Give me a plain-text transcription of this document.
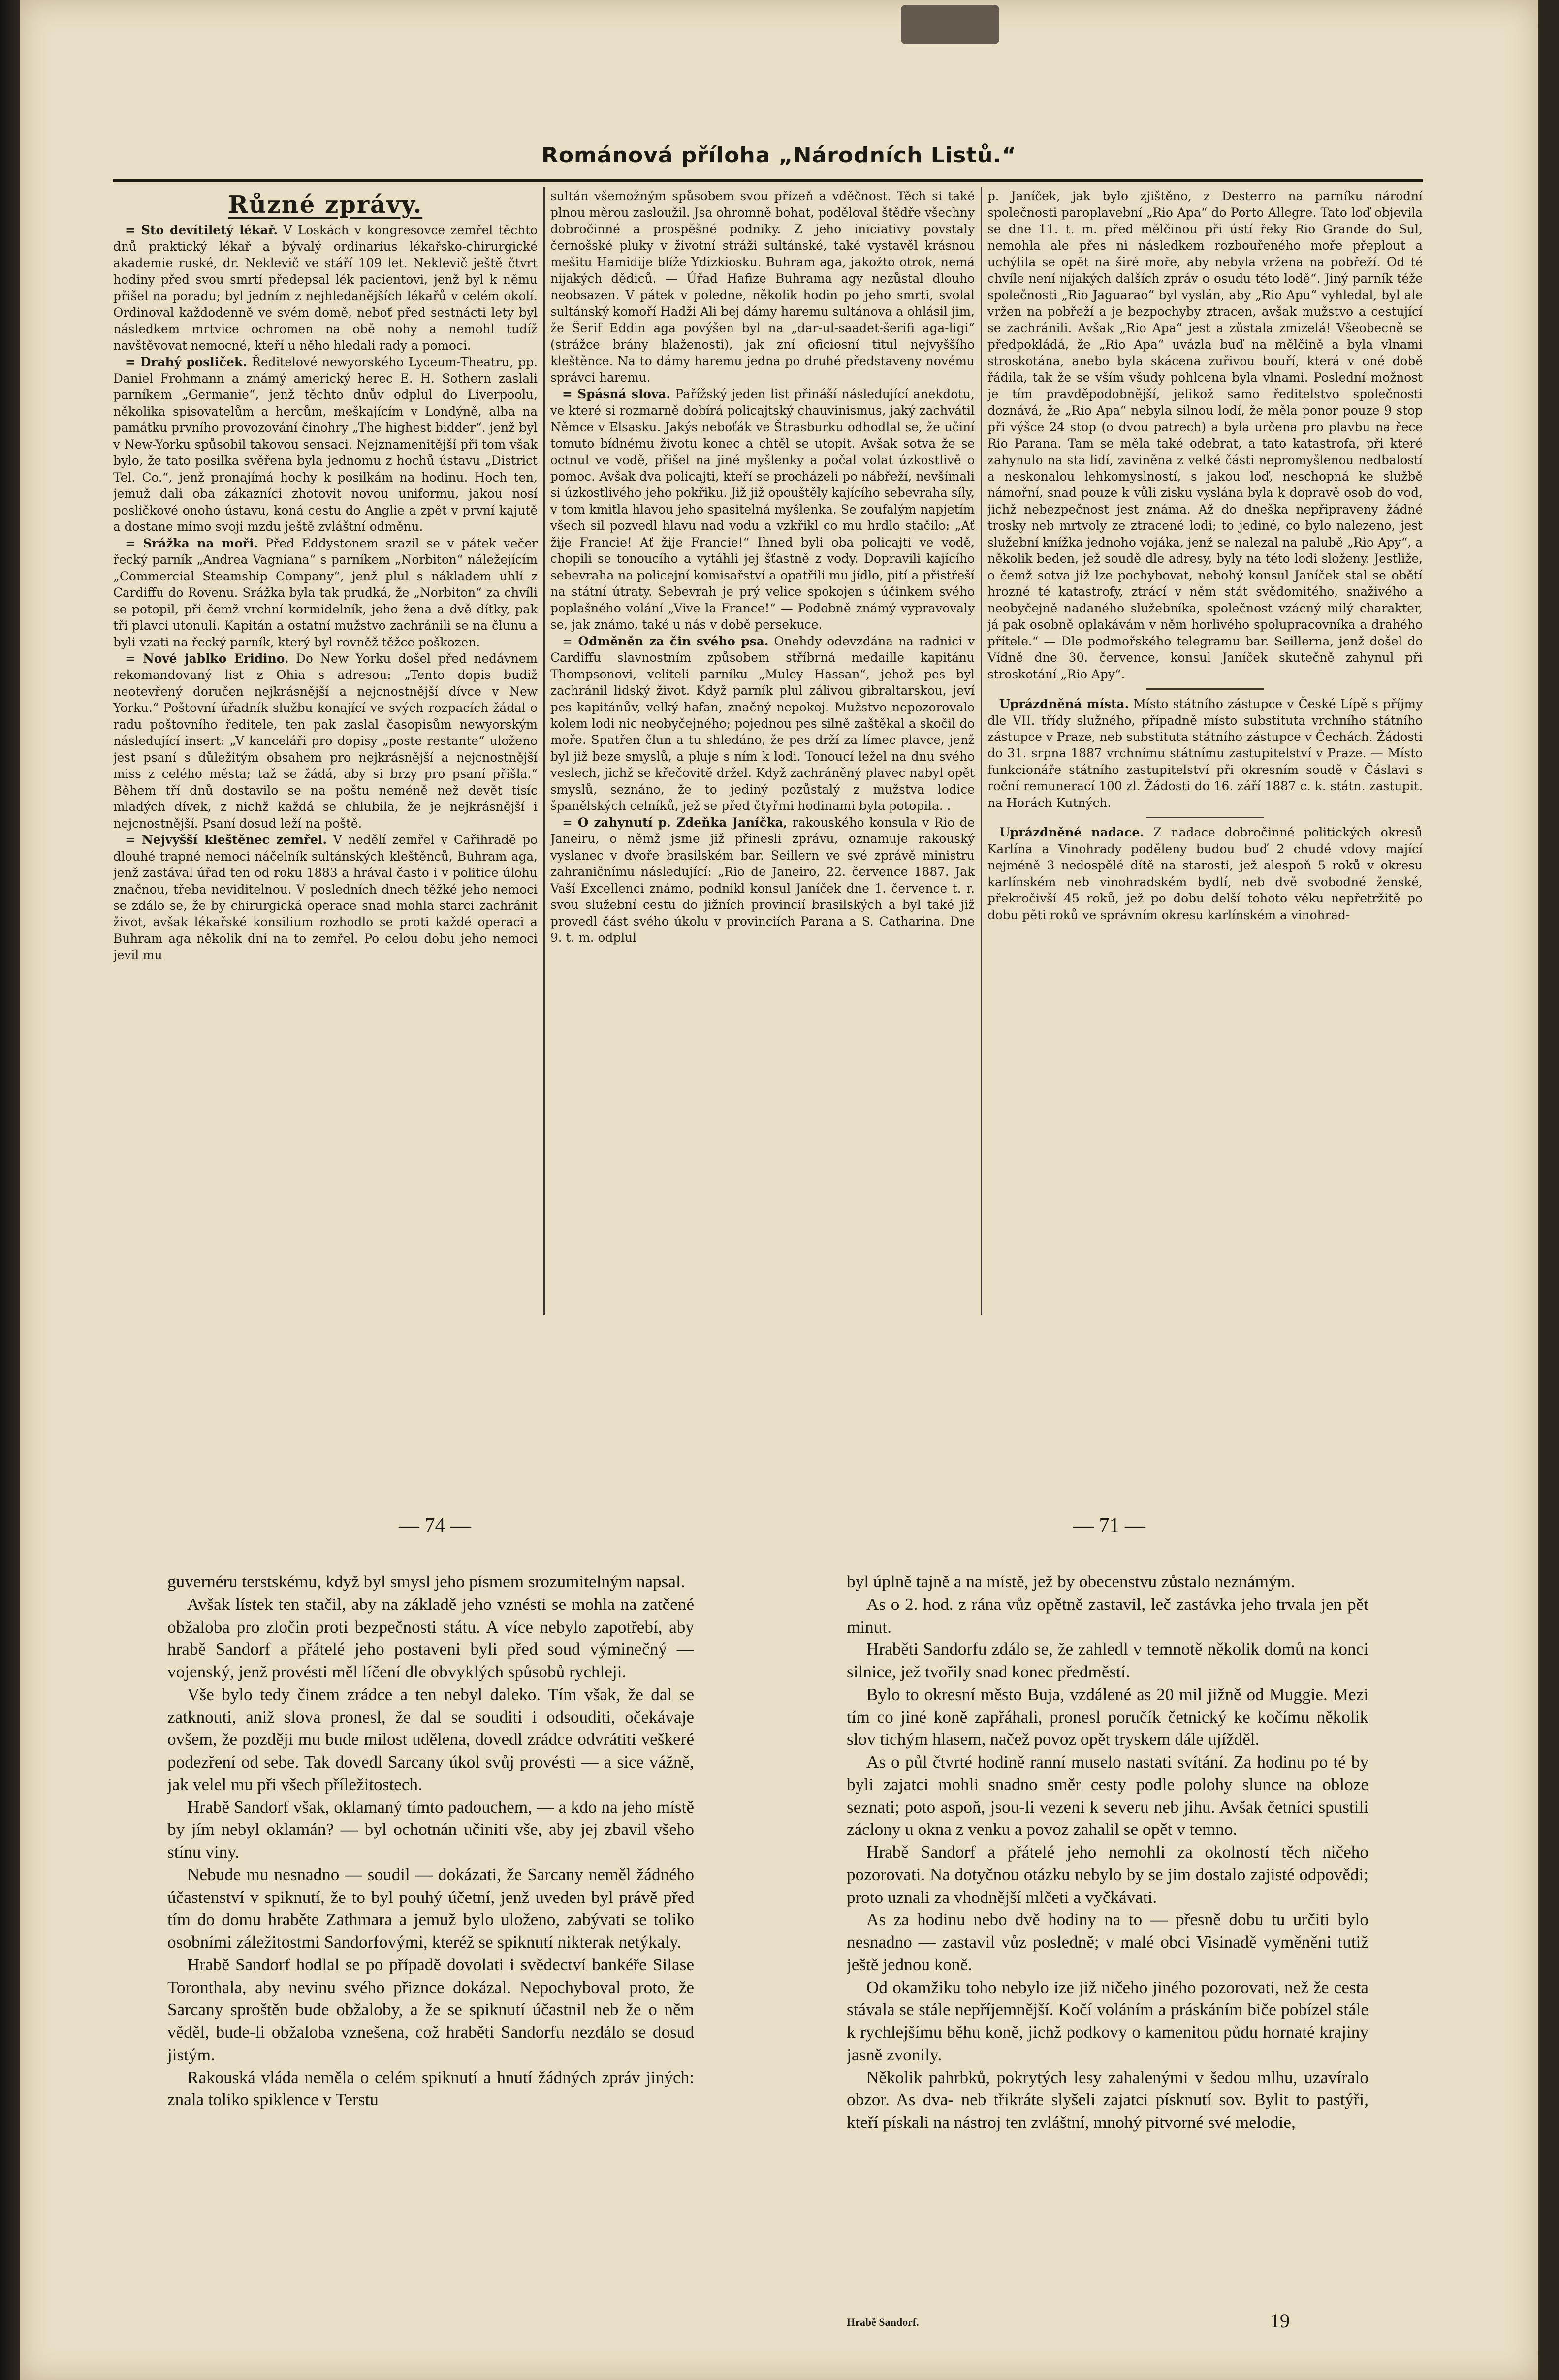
Románová příloha „Národních Listů.“
Různé zprávy.

= Sto devítiletý lékař. V Loskách v kongresovce zemřel těchto dnů praktický lékař a bývalý ordinarius lékařsko-chirurgické akademie ruské, dr. Neklevič ve stáří 109 let. Neklevič ještě čtvrt hodiny před svou smrtí předepsal lék pacientovi, jenž byl k němu přišel na poradu; byl jedním z nejhledanějších lékařů v celém okolí. Ordinoval každodenně ve svém domě, neboť před sestnácti lety byl následkem mrtvice ochromen na obě nohy a nemohl tudíž navštěvovat nemocné, kteří u něho hledali rady a pomoci.

= Drahý posliček. Ředitelové newyorského Lyceum-Theatru, pp. Daniel Frohmann a známý americký herec E. H. Sothern zaslali parníkem „Germanie“, jenž těchto dnův odplul do Liverpoolu, několika spisovatelům a hercům, meškajícím v Londýně, alba na památku prvního provozování činohry „The highest bidder“. jenž byl v New-Yorku spůsobil takovou sensaci. Nejznamenitější při tom však bylo, že tato posilka svěřena byla jednomu z hochů ústavu „District Tel. Co.“, jenž pronajímá hochy k posilkám na hodinu. Hoch ten, jemuž dali oba zákazníci zhotovit novou uniformu, jakou nosí posličkové onoho ústavu, koná cestu do Anglie a zpět v první kajutě a dostane mimo svoji mzdu ještě zvláštní odměnu.

= Srážka na moři. Před Eddystonem srazil se v pátek večer řecký parník „Andrea Vagniana“ s parníkem „Norbiton“ náležejícím „Commercial Steamship Company“, jenž plul s nákladem uhlí z Cardiffu do Rovenu. Srážka byla tak prudká, že „Norbiton“ za chvíli se potopil, při čemž vrchní kormidelník, jeho žena a dvě dítky, pak tři plavci utonuli. Kapitán a ostatní mužstvo zachránili se na člunu a byli vzati na řecký parník, který byl rovněž těžce poškozen.

= Nové jablko Eridino. Do New Yorku došel před nedávnem rekomandovaný list z Ohia s adresou: „Tento dopis budiž neotevřený doručen nejkrásnější a nejcnostnější dívce v New Yorku.“ Poštovní úřadník službu konající ve svých rozpacích žádal o radu poštovního ředitele, ten pak zaslal časopisům newyorským následující insert: „V kanceláři pro dopisy „poste restante“ uloženo jest psaní s důležitým obsahem pro nejkrásnější a nejcnostnější miss z celého města; taž se žádá, aby si brzy pro psaní přišla.“ Během tří dnů dostavilo se na poštu neméně než devět tisíc mladých dívek, z nichž každá se chlubila, že je nejkrásnější i nejcnostnější. Psaní dosud leží na poště.

= Nejvyšší kleštěnec zemřel. V nedělí zemřel v Cařihradě po dlouhé trapné nemoci náčelník sultánských kleštěnců, Buhram aga, jenž zastával úřad ten od roku 1883 a hrával často i v politice úlohu značnou, třeba neviditelnou. V posledních dnech těžké jeho nemoci se zdálo se, že by chirurgická operace snad mohla starci zachránit život, avšak lékařské konsilium rozhodlo se proti každé operaci a Buhram aga několik dní na to zemřel. Po celou dobu jeho nemoci jevil mu

sultán všemožným spůsobem svou přízeň a vděčnost. Těch si také plnou měrou zasloužil. Jsa ohromně bohat, poděloval štědře všechny dobročinné a prospěšné podniky. Z jeho iniciativy povstaly černošské pluky v životní stráži sultánské, také vystavěl krásnou mešitu Hamidije blíže Ydizkiosku. Buhram aga, jakožto otrok, nemá nijakých dědiců. — Úřad Hafize Buhrama agy nezůstal dlouho neobsazen. V pátek v poledne, několik hodin po jeho smrti, svolal sultánský komoří Hadži Ali bej dámy haremu sultánova a ohlásil jim, že Šerif Eddin aga povýšen byl na „dar-ul-saadet-šerifi aga-ligi“ (strážce brány blaženosti), jak zní oficiosní titul nejvyššího kleštěnce. Na to dámy haremu jedna po druhé představeny novému správci haremu.

= Spásná slova. Pařížský jeden list přináší následující anekdotu, ve které si rozmarně dobírá policajtský chauvinismus, jaký zachvátil Němce v Elsasku. Jakýs neboťák ve Štrasburku odhodlal se, že učiní tomuto bídnému životu konec a chtěl se utopit. Avšak sotva že se octnul ve vodě, přišel na jiné myšlenky a počal volat úzkostlivě o pomoc. Avšak dva policajti, kteří se procházeli po nábřeží, nevšímali si úzkostlivého jeho pokřiku. Již již opouštěly kajícího sebevraha síly, v tom kmitla hlavou jeho spasitelná myšlenka. Se zoufalým napjetím všech sil pozvedl hlavu nad vodu a vzkřikl co mu hrdlo stačilo: „Ať žije Francie! Ať žije Francie!“ Ihned byli oba policajti ve vodě, chopili se tonoucího a vytáhli jej šťastně z vody. Dopravili kajícího sebevraha na policejní komisařství a opatřili mu jídlo, pití a přistřeší na státní útraty. Sebevrah je prý velice spokojen s účinkem svého poplašného volání „Vive la France!“ — Podobně známý vypravovaly se, jak známo, také u nás v době persekuce.

= Odměněn za čin svého psa. Onehdy odevzdána na radnici v Cardiffu slavnostním způsobem stříbrná medaille kapitánu Thompsonovi, veliteli parníku „Muley Hassan“, jehož pes byl zachránil lidský život. Když parník plul zálivou gibraltarskou, jeví pes kapitánův, velký hafan, značný nepokoj. Mužstvo nepozorovalo kolem lodi nic neobyčejného; pojednou pes silně zaštěkal a skočil do moře. Spatřen člun a tu shledáno, že pes drží za límec plavce, jenž byl již beze smyslů, a pluje s ním k lodi. Tonoucí ležel na dnu svého veslech, jichž se křečovitě držel. Když zachráněný plavec nabyl opět smyslů, seznáno, že to jediný pozůstalý z mužstva lodice španělských celníků, jež se před čtyřmi hodinami byla potopila. .

= O zahynutí p. Zdeňka Janíčka, rakouského konsula v Rio de Janeiru, o němž jsme již přinesli zprávu, oznamuje rakouský vyslanec v dvoře brasilském bar. Seillern ve své zprávě ministru zahraničnímu následující: „Rio de Janeiro, 22. července 1887. Jak Vaší Excellenci známo, podnikl konsul Janíček dne 1. července t. r. svou služební cestu do jižních provincií brasilských a byl také již provedl část svého úkolu v provinciích Parana a S. Catharina. Dne 9. t. m. odplul

p. Janíček, jak bylo zjištěno, z Desterro na parníku národní společnosti paroplavební „Rio Apa“ do Porto Allegre. Tato loď objevila se dne 11. t. m. před mělčinou při ústí řeky Rio Grande do Sul, nemohla ale přes ni následkem rozbouřeného moře přeplout a uchýlila se opět na širé moře, aby nebyla vržena na pobřeží. Od té chvíle není nijakých dalších zpráv o osudu této lodě“. Jiný parník téže společnosti „Rio Jaguarao“ byl vyslán, aby „Rio Apu“ vyhledal, byl ale vržen na pobřeží a je bezpochyby ztracen, avšak mužstvo a cestující se zachránili. Avšak „Rio Apa“ jest a zůstala zmizelá! Všeobecně se předpokládá, že „Rio Apa“ uvázla buď na mělčině a byla vlnami stroskotána, anebo byla skácena zuřivou bouří, která v oné době řádila, tak že se vším všudy pohlcena byla vlnami. Poslední možnost je tím pravděpodobnější, jelikož samo ředitelstvo společnosti doznává, že „Rio Apa“ nebyla silnou lodí, že měla ponor pouze 9 stop při výšce 24 stop (o dvou patrech) a byla určena pro plavbu na řece Rio Parana. Tam se měla také odebrat, a tato katastrofa, při které zahynulo na sta lidí, zaviněna z velké části nepromyšlenou nedbalostí a neskonalou lehkomyslností, s jakou loď, neschopná ke službě námořní, snad pouze k vůli zisku vyslána byla k dopravě osob do vod, jichž nebezpečnost jest známa. Až do dneška nepřipraveny žádné trosky neb mrtvoly ze ztracené lodi; to jediné, co bylo nalezeno, jest služební knížka jednoho vojáka, jenž se nalezal na palubě „Rio Apy“, a několik beden, jež soudě dle adresy, byly na této lodi složeny. Jestliže, o čemž sotva již lze pochybovat, nebohý konsul Janíček stal se obětí hrozné té katastrofy, ztrácí v něm stát svědomitého, snaživého a neobyčejně nadaného služebníka, společnost vzácný milý charakter, já pak osobně oplakávám v něm horlivého spolupracovníka a drahého přítele.“ — Dle podmořského telegramu bar. Seillerna, jenž došel do Vídně dne 30. července, konsul Janíček skutečně zahynul při stroskotání „Rio Apy“.

Uprázdněná místa. Místo státního zástupce v České Lípě s příjmy dle VII. třídy služného, případně místo substituta vrchního státního zástupce v Praze, neb substituta státního zástupce v Čechách. Žádosti do 31. srpna 1887 vrchnímu státnímu zastupitelství v Praze. — Místo funkcionáře státního zastupitelství při okresním soudě v Čáslavi s roční remunerací 100 zl. Žádosti do 16. září 1887 c. k. státn. zastupit. na Horách Kutných.

Uprázdněné nadace. Z nadace dobročinné politických okresů Karlína a Vinohrady poděleny budou buď 2 chudé vdovy mající nejméně 3 nedospělé dítě na starosti, jež alespoň 5 roků v okresu karlínském neb vinohradském bydlí, neb dvě svobodné ženské, překročivší 45 roků, jež po dobu delší tohoto věku nepřetržitě po dobu pěti roků ve správním okresu karlínském a vinohrad-

— 74 —	— 71 —

guvernéru terstskému, když byl smysl jeho písmem srozumitelným napsal.

Avšak lístek ten stačil, aby na základě jeho vznésti se mohla na zatčené obžaloba pro zločin proti bezpečnosti státu. A více nebylo zapotřebí, aby hrabě Sandorf a přátelé jeho postaveni byli před soud výminečný — vojenský, jenž provésti měl líčení dle obvyklých spůsobů rychleji.

Vše bylo tedy činem zrádce a ten nebyl daleko. Tím však, že dal se zatknouti, aniž slova pronesl, že dal se souditi i odsouditi, očekávaje ovšem, že později mu bude milost udělena, dovedl zrádce odvrátiti veškeré podezření od sebe. Tak dovedl Sarcany úkol svůj provésti — a sice vážně, jak velel mu při všech příležitostech.

Hrabě Sandorf však, oklamaný tímto padouchem, — a kdo na jeho místě by jím nebyl oklamán? — byl ochotnán učiniti vše, aby jej zbavil všeho stínu viny.

Nebude mu nesnadno — soudil — dokázati, že Sarcany neměl žádného účastenství v spiknutí, že to byl pouhý účetní, jenž uveden byl právě před tím do domu hraběte Zathmara a jemuž bylo uloženo, zabývati se toliko osobními záležitostmi Sandorfovými, kteréž se spiknutí nikterak netýkaly.

Hrabě Sandorf hodlal se po případě dovolati i svědectví bankéře Silase Toronthala, aby nevinu svého přiznce dokázal. Nepochyboval proto, že Sarcany sproštěn bude obžaloby, a že se spiknutí účastnil neb že o něm věděl, bude-li obžaloba vznešena, což hraběti Sandorfu nezdálo se dosud jistým.

Rakouská vláda neměla o celém spiknutí a hnutí žádných zpráv jiných: znala toliko spiklence v Terstu

byl úplně tajně a na místě, jež by obecenstvu zůstalo neznámým.

As o 2. hod. z rána vůz opětně zastavil, leč zastávka jeho trvala jen pět minut.

Hraběti Sandorfu zdálo se, že zahledl v temnotě několik domů na konci silnice, jež tvořily snad konec předměstí.

Bylo to okresní město Buja, vzdálené as 20 mil jižně od Muggie. Mezi tím co jiné koně zapřáhali, pronesl poručík četnický ke kočímu několik slov tichým hlasem, načež povoz opět tryskem dále ujížděl.

As o půl čtvrté hodině ranní muselo nastati svítání. Za hodinu po té by byli zajatci mohli snadno směr cesty podle polohy slunce na obloze seznati; poto aspoň, jsou-li vezeni k severu neb jihu. Avšak četníci spustili záclony u okna z venku a povoz zahalil se opět v temno.

Hrabě Sandorf a přátelé jeho nemohli za okolností těch ničeho pozorovati. Na dotyčnou otázku nebylo by se jim dostalo zajisté odpovědi; proto uznali za vhodnější mlčeti a vyčkávati.

As za hodinu nebo dvě hodiny na to — přesně dobu tu určiti bylo nesnadno — zastavil vůz posledně; v malé obci Visinadě vyměněni tutiž ještě jednou koně.

Od okamžiku toho nebylo ize již ničeho jiného pozorovati, než že cesta stávala se stále nepříjemnější. Kočí voláním a práskáním biče pobízel stále k rychlejšímu běhu koně, jichž podkovy o kamenitou půdu hornaté krajiny jasně zvonily.

Několik pahrbků, pokrytých lesy zahalenými v šedou mlhu, uzavíralo obzor. As dva- neb třikráte slyšeli zajatci písknutí sov. Bylit to pastýři, kteří pískali na nástroj ten zvláštní, mnohý pitvorné své melodie,

Hrabě Sandorf.	19
